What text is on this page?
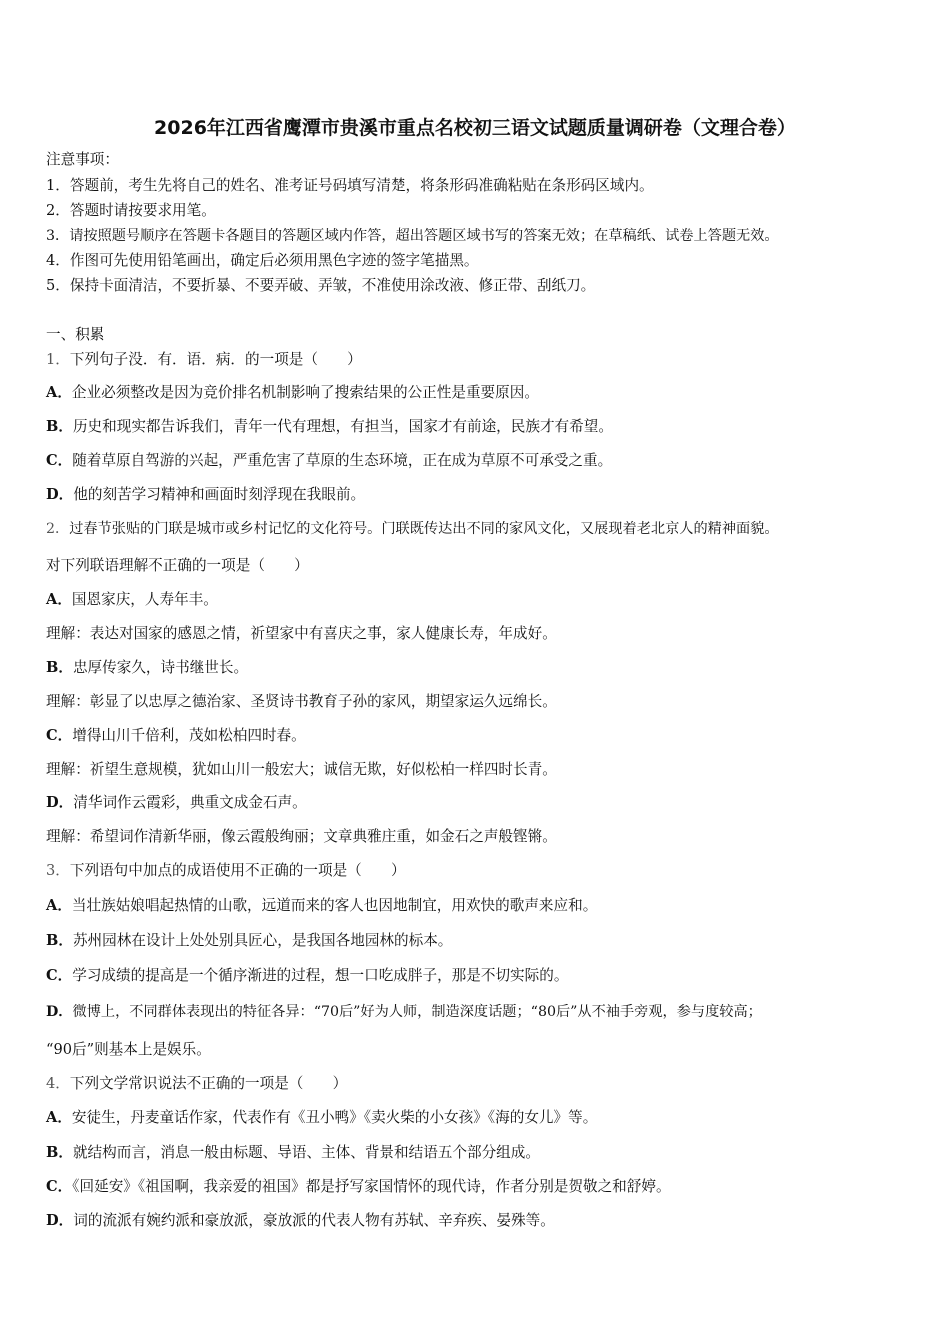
2026年江西省鹰潭市贵溪市重点名校初三语文试题质量调研卷（文理合卷）
注意事项：
1．答题前，考生先将自己的姓名、准考证号码填写清楚，将条形码准确粘贴在条形码区域内。
2．答题时请按要求用笔。
3．请按照题号顺序在答题卡各题目的答题区域内作答，超出答题区域书写的答案无效；在草稿纸、试卷上答题无效。
4．作图可先使用铅笔画出，确定后必须用黑色字迹的签字笔描黑。
5．保持卡面清洁，不要折暴、不要弄破、弄皱，不准使用涂改液、修正带、刮纸刀。
一、积累
1．下列句子没．有．语．病．的一项是（　　）
A．企业必须整改是因为竞价排名机制影响了搜索结果的公正性是重要原因。
B．历史和现实都告诉我们，青年一代有理想，有担当，国家才有前途，民族才有希望。
C．随着草原自驾游的兴起，严重危害了草原的生态环境，正在成为草原不可承受之重。
D．他的刻苦学习精神和画面时刻浮现在我眼前。
2．过春节张贴的门联是城市或乡村记忆的文化符号。门联既传达出不同的家风文化，又展现着老北京人的精神面貌。
对下列联语理解不正确的一项是（　　）
A．国恩家庆，人寿年丰。
理解：表达对国家的感恩之情，祈望家中有喜庆之事，家人健康长寿，年成好。
B．忠厚传家久，诗书继世长。
理解：彰显了以忠厚之德治家、圣贤诗书教育子孙的家风，期望家运久远绵长。
C．增得山川千倍利，茂如松柏四时春。
理解：祈望生意规模，犹如山川一般宏大；诚信无欺，好似松柏一样四时长青。
D．清华词作云霞彩，典重文成金石声。
理解：希望词作清新华丽，像云霞般绚丽；文章典雅庄重，如金石之声般铿锵。
3．下列语句中加点的成语使用不正确的一项是（　　）
A．当壮族姑娘唱起热情的山歌，远道而来的客人也因地制宜，用欢快的歌声来应和。
B．苏州园林在设计上处处别具匠心，是我国各地园林的标本。
C．学习成绩的提高是一个循序渐进的过程，想一口吃成胖子，那是不切实际的。
D．微博上，不同群体表现出的特征各异：“70后”好为人师，制造深度话题；“80后”从不袖手旁观，参与度较高；
“90后”则基本上是娱乐。
4．下列文学常识说法不正确的一项是（　　）
A．安徒生，丹麦童话作家，代表作有《丑小鸭》《卖火柴的小女孩》《海的女儿》等。
B．就结构而言，消息一般由标题、导语、主体、背景和结语五个部分组成。
C．《回延安》《祖国啊，我亲爱的祖国》都是抒写家国情怀的现代诗，作者分别是贺敬之和舒婷。
D．词的流派有婉约派和豪放派，豪放派的代表人物有苏轼、辛弃疾、晏殊等。
